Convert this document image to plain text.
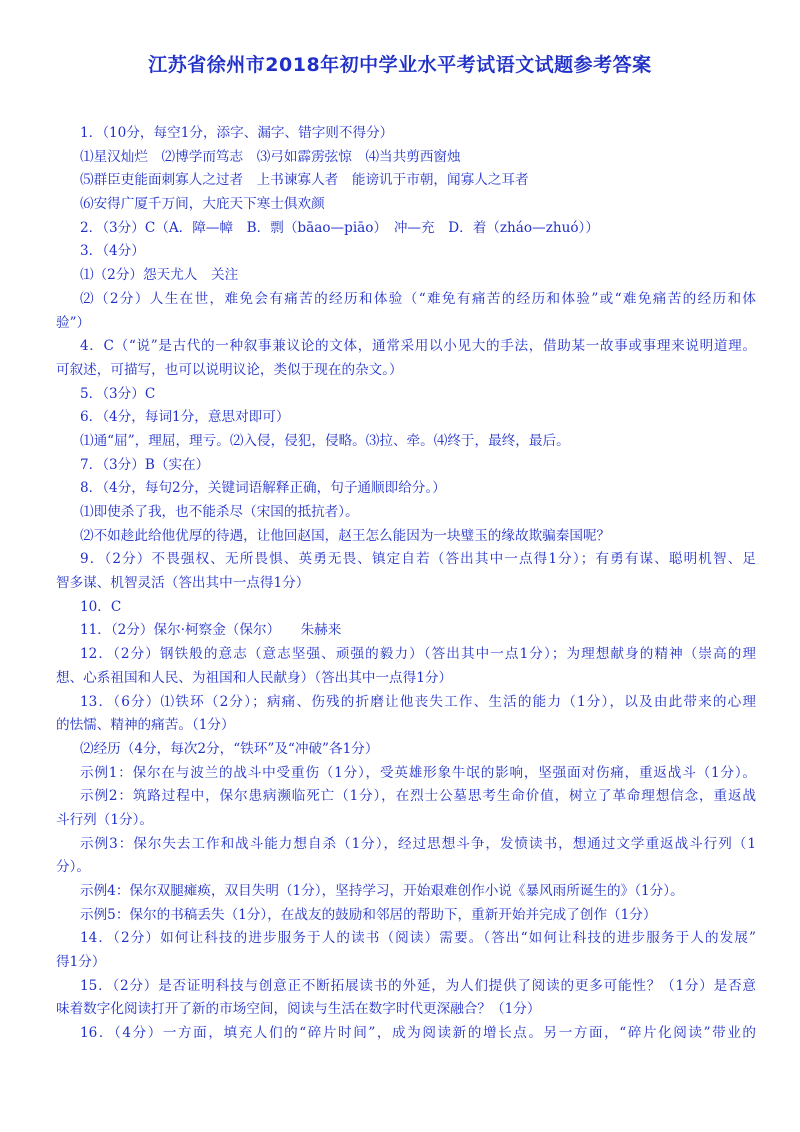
江苏省徐州市2018年初中学业水平考试语文试题参考答案
1．（10分，每空1分，添字、漏字、错字则不得分）
⑴星汉灿烂　⑵博学而笃志　⑶弓如霹雳弦惊　⑷当共剪西窗烛
⑸群臣吏能面刺寡人之过者　上书谏寡人者　能谤讥于市朝，闻寡人之耳者
⑹安得广厦千万间，大庇天下寒士俱欢颜
2．（3分）C（A．障—幛　B．剽（bāao—piāo）　冲—充　D．着（zháo—zhuó））
3．（4分）
⑴（2分）怨天尤人　关注
⑵（2分）人生在世，难免会有痛苦的经历和体验（“难免有痛苦的经历和体验”或“难免痛苦的经历和体
验”）
4．C（“说”是古代的一种叙事兼议论的文体，通常采用以小见大的手法，借助某一故事或事理来说明道理。
可叙述，可描写，也可以说明议论，类似于现在的杂文。）
5．（3分）C
6．（4分，每词1分，意思对即可）
⑴通“屈”，理屈，理亏。⑵入侵，侵犯，侵略。⑶拉、牵。⑷终于，最终，最后。
7．（3分）B（实在）
8．（4分，每句2分，关键词语解释正确，句子通顺即给分。）
⑴即使杀了我，也不能杀尽（宋国的抵抗者）。
⑵不如趁此给他优厚的待遇，让他回赵国，赵王怎么能因为一块璧玉的缘故欺骗秦国呢？
9．（2分）不畏强权、无所畏惧、英勇无畏、镇定自若（答出其中一点得1分）；有勇有谋、聪明机智、足
智多谋、机智灵活（答出其中一点得1分）
10．C
11．（2分）保尔·柯察金（保尔）　　朱赫来
12．（2分）钢铁般的意志（意志坚强、顽强的毅力）（答出其中一点1分）；为理想献身的精神（崇高的理
想、心系祖国和人民、为祖国和人民献身）（答出其中一点得1分）
13．（6分）⑴铁环（2分）；病痛、伤残的折磨让他丧失工作、生活的能力（1分），以及由此带来的心理
的怯懦、精神的痛苦。（1分）
⑵经历（4分，每次2分，“铁环”及“冲破”各1分）
示例1：保尔在与波兰的战斗中受重伤（1分），受英雄形象牛氓的影响，坚强面对伤痛，重返战斗（1分）。
示例2：筑路过程中，保尔患病濒临死亡（1分），在烈士公墓思考生命价值，树立了革命理想信念，重返战
斗行列（1分）。
示例3：保尔失去工作和战斗能力想自杀（1分），经过思想斗争，发愤读书，想通过文学重返战斗行列（1
分）。
示例4：保尔双腿瘫痪，双目失明（1分），坚持学习，开始艰难创作小说《暴风雨所诞生的》（1分）。
示例5：保尔的书稿丢失（1分），在战友的鼓励和邻居的帮助下，重新开始并完成了创作（1分）
14．（2分）如何让科技的进步服务于人的读书（阅读）需要。（答出“如何让科技的进步服务于人的发展”
得1分）
15．（2分）是否证明科技与创意正不断拓展读书的外延，为人们提供了阅读的更多可能性？（1分）是否意
味着数字化阅读打开了新的市场空间，阅读与生活在数字时代更深融合？（1分）
16．（4分）一方面，填充人们的“碎片时间”，成为阅读新的增长点。另一方面，“碎片化阅读”带业的
